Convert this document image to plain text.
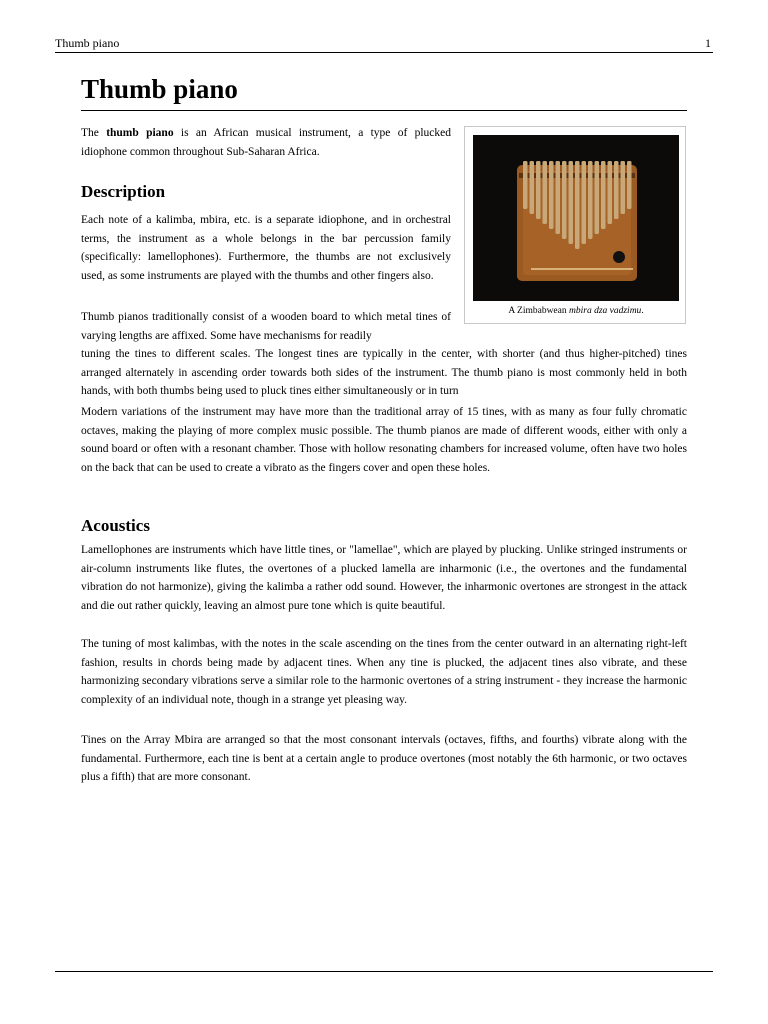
Thumb piano	1
Thumb piano
A Zimbabwean mbira dza vadzimu.

The thumb piano is an African musical instrument, a type of plucked idiophone common throughout Sub-Saharan Africa.

Description

Each note of a kalimba, mbira, etc. is a separate idiophone, and in orchestral terms, the instrument as a whole belongs in the bar percussion family (specifically: lamellophones). Furthermore, the thumbs are not exclusively used, as some instruments are played with the thumbs and other fingers also.

Thumb pianos traditionally consist of a wooden board to which metal tines of varying lengths are affixed. Some have mechanisms for readily

tuning the tines to different scales. The longest tines are typically in the center, with shorter (and thus higher-pitched) tines arranged alternately in ascending order towards both sides of the instrument. The thumb piano is most commonly held in both hands, with both thumbs being used to pluck tines either simultaneously or in turn

Modern variations of the instrument may have more than the traditional array of 15 tines, with as many as four fully chromatic octaves, making the playing of more complex music possible. The thumb pianos are made of different woods, either with only a sound board or often with a resonant chamber. Those with hollow resonating chambers for increased volume, often have two holes on the back that can be used to create a vibrato as the fingers cover and open these holes.

Acoustics

Lamellophones are instruments which have little tines, or "lamellae", which are played by plucking. Unlike stringed instruments or air-column instruments like flutes, the overtones of a plucked lamella are inharmonic (i.e., the overtones and the fundamental vibration do not harmonize), giving the kalimba a rather odd sound. However, the inharmonic overtones are strongest in the attack and die out rather quickly, leaving an almost pure tone which is quite beautiful.

The tuning of most kalimbas, with the notes in the scale ascending on the tines from the center outward in an alternating right-left fashion, results in chords being made by adjacent tines. When any tine is plucked, the adjacent tines also vibrate, and these harmonizing secondary vibrations serve a similar role to the harmonic overtones of a string instrument - they increase the harmonic complexity of an individual note, though in a strange yet pleasing way.

Tines on the Array Mbira are arranged so that the most consonant intervals (octaves, fifths, and fourths) vibrate along with the fundamental. Furthermore, each tine is bent at a certain angle to produce overtones (most notably the 6th harmonic, or two octaves plus a fifth) that are more consonant.
